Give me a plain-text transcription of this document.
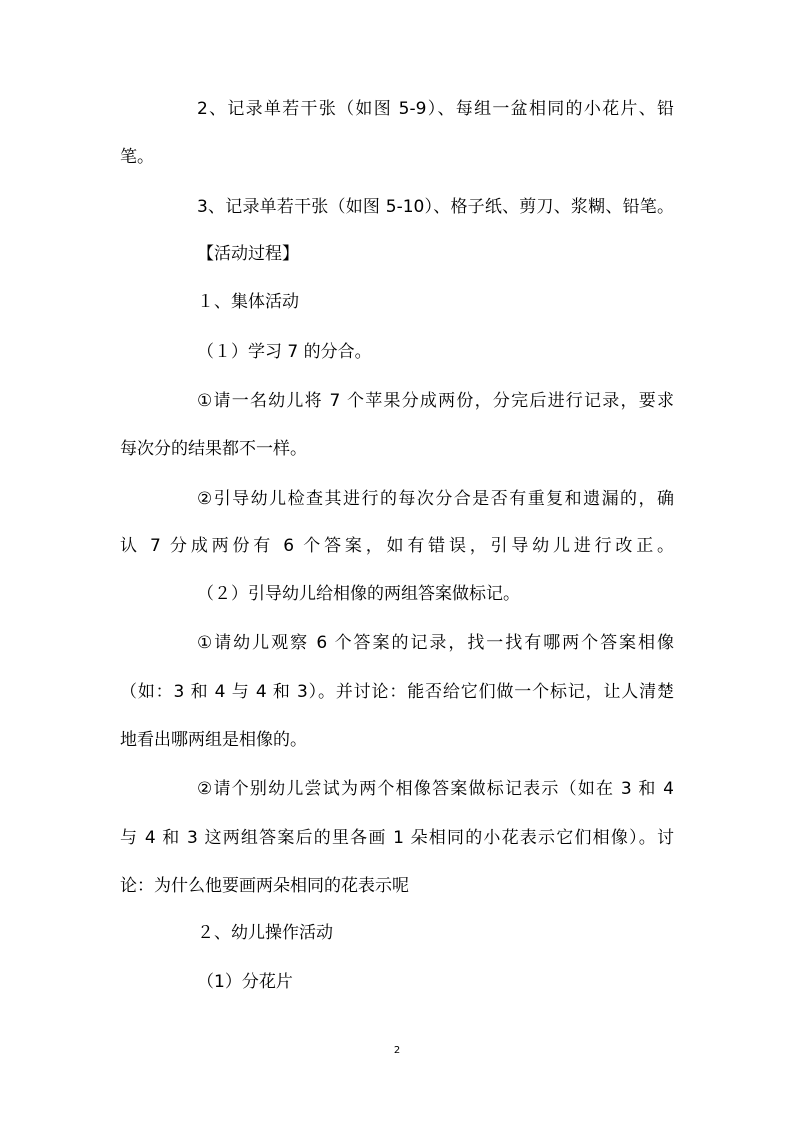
2、记录单若干张（如图 5-9）、每组一盆相同的小花片、铅
笔。
3、记录单若干张（如图 5-10）、格子纸、剪刀、浆糊、铅笔。
【活动过程】
１、集体活动
（１）学习 7 的分合。
①请一名幼儿将 7 个苹果分成两份，分完后进行记录，要求
每次分的结果都不一样。
②引导幼儿检查其进行的每次分合是否有重复和遗漏的，确
认 7 分成两份有 6 个答案，如有错误，引导幼儿进行改正。
（２）引导幼儿给相像的两组答案做标记。
①请幼儿观察 6 个答案的记录，找一找有哪两个答案相像
（如：3 和 4 与 4 和 3）。并讨论：能否给它们做一个标记，让人清楚
地看出哪两组是相像的。
②请个别幼儿尝试为两个相像答案做标记表示（如在 3 和 4
与 4 和 3 这两组答案后的里各画 1 朵相同的小花表示它们相像）。讨
论：为什么他要画两朵相同的花表示呢
２、幼儿操作活动
（1）分花片
2
